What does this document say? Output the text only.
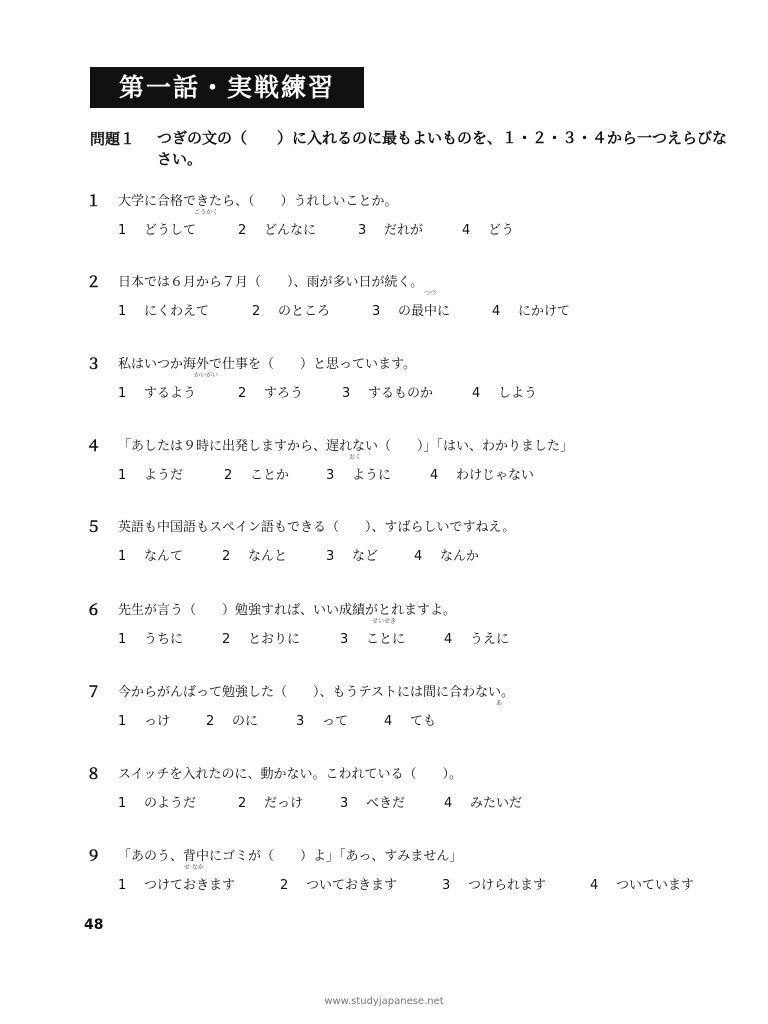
第一話・実戦練習
問題１ つぎの文の（　　）に入れるのに最もよいものを、１・２・３・４から一つえらびなさい。
１	大学に合格できたら、（　　）うれしいことか。
ごうかく
1 どうして	2 どんなに	3 だれが	4 どう
２	日本では６月から７月（　　）、雨が多い日が続く。
つづ
1 にくわえて	2 のところ	3 の最中に	4 にかけて
３	私はいつか海外で仕事を（　　）と思っています。
かいがい
1 するよう	2 すろう	3 するものか	4 しよう
４	「あしたは９時に出発しますから、遅れない（　　）」「はい、わかりました」
おく
1 ようだ	2 ことか	3 ように	4 わけじゃない
５	英語も中国語もスペイン語もできる（　　）、すばらしいですねえ。
1 なんて	2 なんと	3 など	4 なんか
６	先生が言う（　　）勉強すれば、いい成績がとれますよ。
せいせき
1 うちに	2 とおりに	3 ことに	4 うえに
７	今からがんばって勉強した（　　）、もうテストには間に合わない。
あ
1 っけ	2 のに	3 って	4 ても
８	スイッチを入れたのに、動かない。こわれている（　　）。
1 のようだ	2 だっけ	3 べきだ	4 みたいだ
９	「あのう、背中にゴミが（　　）よ」「あっ、すみません」
せ なか
1 つけておきます	2 ついておきます	3 つけられます	4 ついています
48
www.studyjapanese.net
